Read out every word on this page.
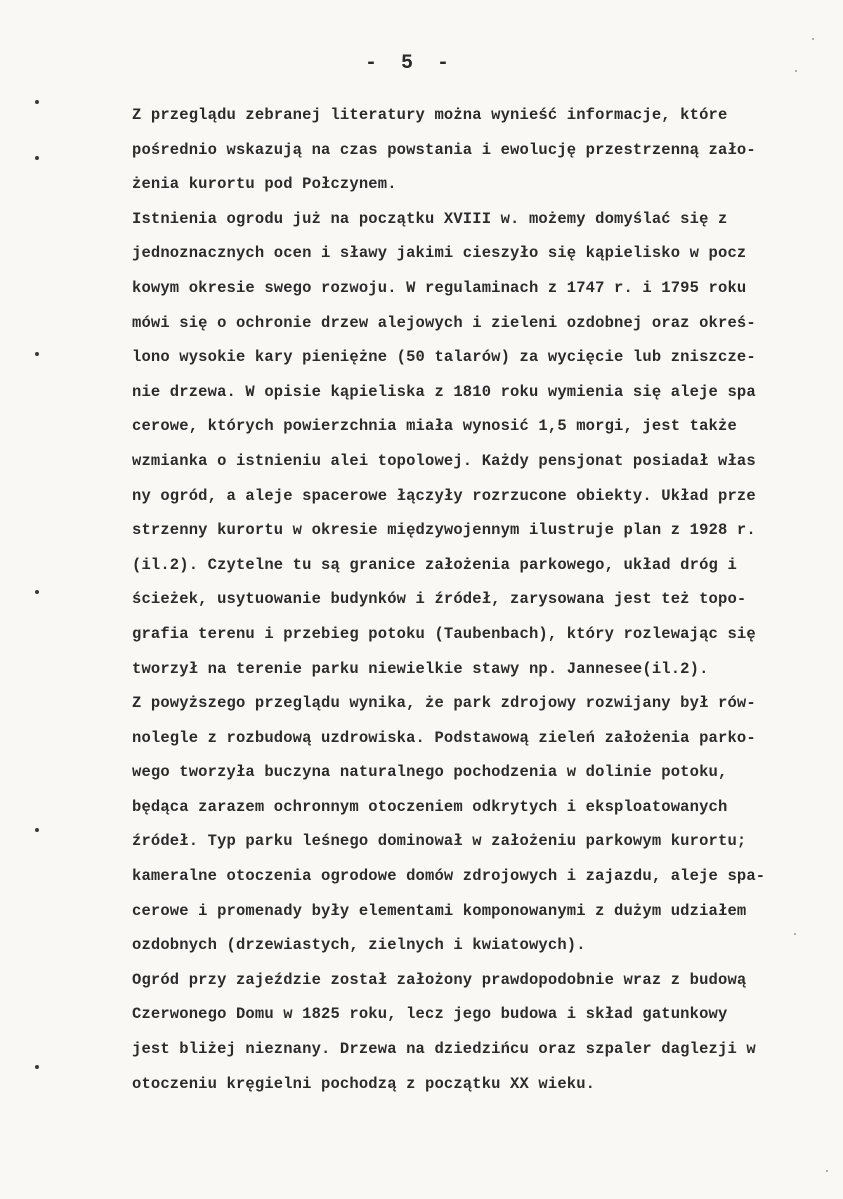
- 5 -
Z przeglądu zebranej literatury można wynieść informacje, które
pośrednio wskazują na czas powstania i ewolucję przestrzenną zało-
żenia kurortu pod Połczynem.
Istnienia ogrodu już na początku XVIII w. możemy domyślać się z
jednoznacznych ocen i sławy jakimi cieszyło się kąpielisko w pocz
kowym okresie swego rozwoju. W regulaminach z 1747 r. i 1795 roku
mówi się o ochronie drzew alejowych i zieleni ozdobnej oraz okreś-
lono wysokie kary pieniężne (50 talarów) za wycięcie lub zniszcze-
nie drzewa. W opisie kąpieliska z 1810 roku wymienia się aleje spa
cerowe, których powierzchnia miała wynosić 1,5 morgi, jest także
wzmianka o istnieniu alei topolowej. Każdy pensjonat posiadał włas
ny ogród, a aleje spacerowe łączyły rozrzucone obiekty. Układ prze
strzenny kurortu w okresie międzywojennym ilustruje plan z 1928 r.
(il.2). Czytelne tu są granice założenia parkowego, układ dróg i
ścieżek, usytuowanie budynków i źródeł, zarysowana jest też topo-
grafia terenu i przebieg potoku (Taubenbach), który rozlewając się
tworzył na terenie parku niewielkie stawy np. Jannesee(il.2).
Z powyższego przeglądu wynika, że park zdrojowy rozwijany był rów-
nolegle z rozbudową uzdrowiska. Podstawową zieleń założenia parko-
wego tworzyła buczyna naturalnego pochodzenia w dolinie potoku,
będąca zarazem ochronnym otoczeniem odkrytych i eksploatowanych
źródeł. Typ parku leśnego dominował w założeniu parkowym kurortu;
kameralne otoczenia ogrodowe domów zdrojowych i zajazdu, aleje spa-
cerowe i promenady były elementami komponowanymi z dużym udziałem
ozdobnych (drzewiastych, zielnych i kwiatowych).
Ogród przy zajeździe został założony prawdopodobnie wraz z budową
Czerwonego Domu w 1825 roku, lecz jego budowa i skład gatunkowy
jest bliżej nieznany. Drzewa na dziedzińcu oraz szpaler daglezji w
otoczeniu kręgielni pochodzą z początku XX wieku.
